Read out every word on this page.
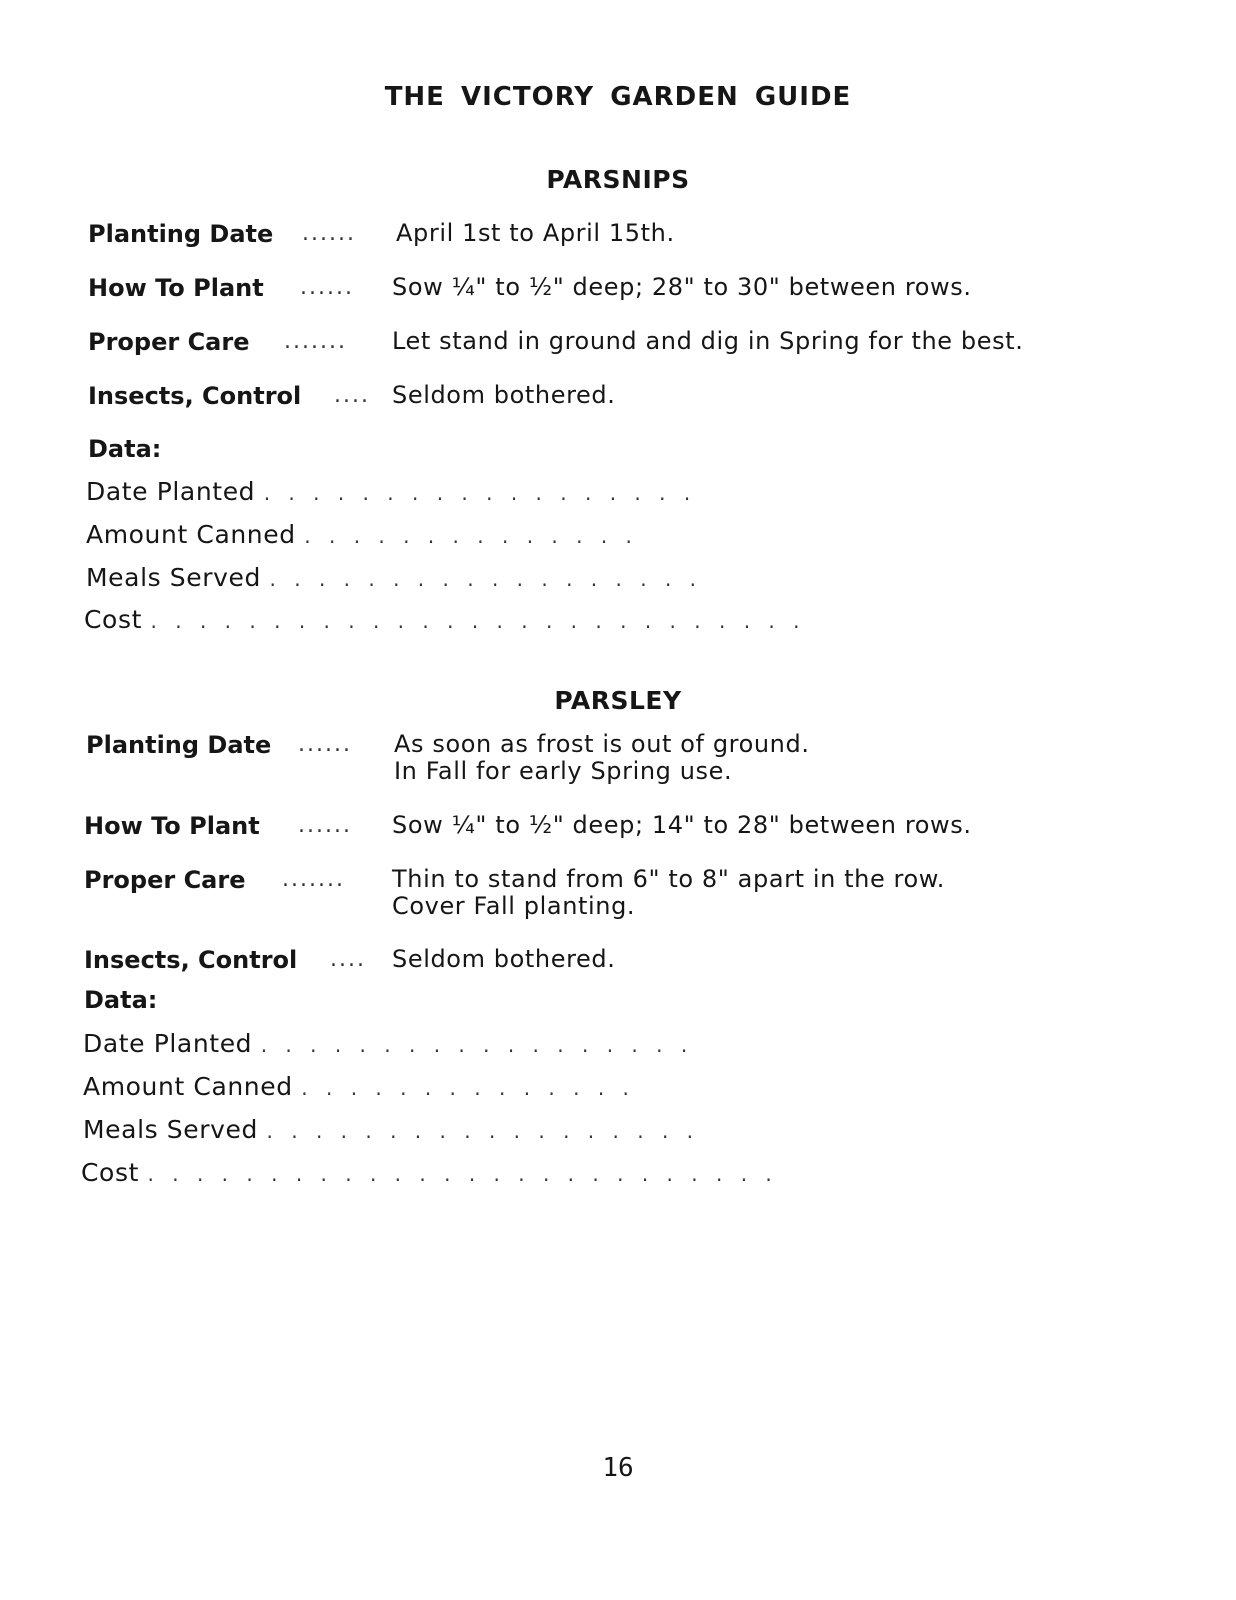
THE VICTORY GARDEN GUIDE
PARSNIPS
Planting Date ...... April 1st to April 15th.
How To Plant ...... Sow ¼" to ½" deep; 28" to 30" between rows.
Proper Care ....... Let stand in ground and dig in Spring for the best.
Insects, Control .... Seldom bothered.
Data:
Date Planted . . . . . . . . . . . . . . . . . .
Amount Canned . . . . . . . . . . . . . .
Meals Served . . . . . . . . . . . . . . . . . .
Cost . . . . . . . . . . . . . . . . . . . . . . . . . . .
PARSLEY
Planting Date ...... As soon as frost is out of ground.
In Fall for early Spring use.
How To Plant ...... Sow ¼" to ½" deep; 14" to 28" between rows.
Proper Care ....... Thin to stand from 6" to 8" apart in the row.
Cover Fall planting.
Insects, Control .... Seldom bothered.
Data:
Date Planted . . . . . . . . . . . . . . . . . .
Amount Canned . . . . . . . . . . . . . .
Meals Served . . . . . . . . . . . . . . . . . .
Cost . . . . . . . . . . . . . . . . . . . . . . . . . .
16
